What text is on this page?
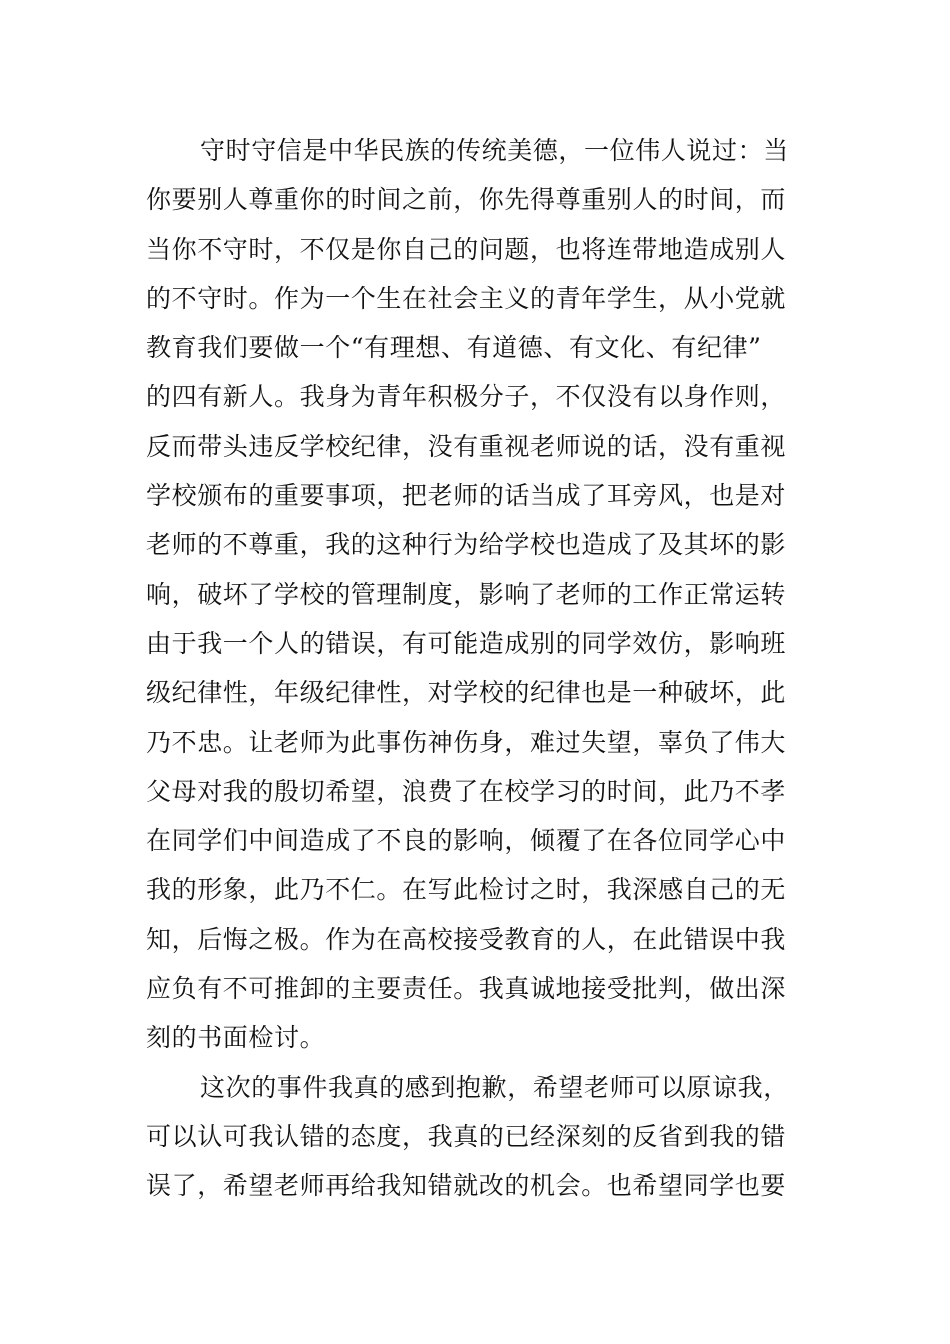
守时守信是中华民族的传统美德，一位伟人说过：当
你要别人尊重你的时间之前，你先得尊重别人的时间，而
当你不守时，不仅是你自己的问题，也将连带地造成别人
的不守时。作为一个生在社会主义的青年学生，从小党就
教育我们要做一个“有理想、有道德、有文化、有纪律”
的四有新人。我身为青年积极分子，不仅没有以身作则，
反而带头违反学校纪律，没有重视老师说的话，没有重视
学校颁布的重要事项，把老师的话当成了耳旁风，也是对
老师的不尊重，我的这种行为给学校也造成了及其坏的影
响，破坏了学校的管理制度，影响了老师的工作正常运转
由于我一个人的错误，有可能造成别的同学效仿，影响班
级纪律性，年级纪律性，对学校的纪律也是一种破坏，此
乃不忠。让老师为此事伤神伤身，难过失望，辜负了伟大
父母对我的殷切希望，浪费了在校学习的时间，此乃不孝
在同学们中间造成了不良的影响，倾覆了在各位同学心中
我的形象，此乃不仁。在写此检讨之时，我深感自己的无
知，后悔之极。作为在高校接受教育的人，在此错误中我
应负有不可推卸的主要责任。我真诚地接受批判，做出深
刻的书面检讨。
这次的事件我真的感到抱歉，希望老师可以原谅我，
可以认可我认错的态度，我真的已经深刻的反省到我的错
误了，希望老师再给我知错就改的机会。也希望同学也要
